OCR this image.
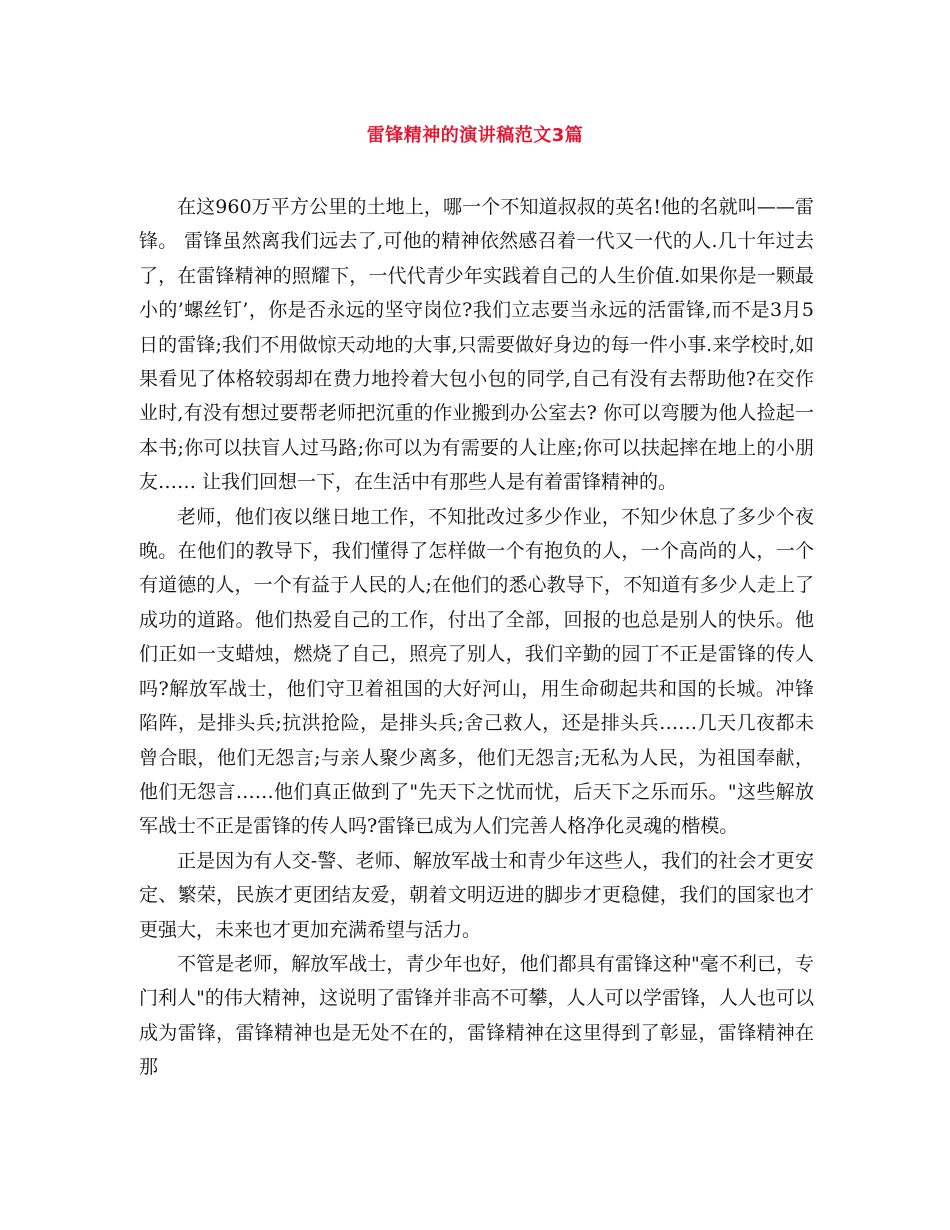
雷锋精神的演讲稿范文3篇

在这960万平方公里的土地上，哪一个不知道叔叔的英名!他的名就叫——雷锋。 雷锋虽然离我们远去了,可他的精神依然感召着一代又一代的人.几十年过去了，在雷锋精神的照耀下，一代代青少年实践着自己的人生价值.如果你是一颗最小的’螺丝钉’，你是否永远的坚守岗位?我们立志要当永远的活雷锋,而不是3月5日的雷锋;我们不用做惊天动地的大事,只需要做好身边的每一件小事.来学校时,如果看见了体格较弱却在费力地拎着大包小包的同学,自己有没有去帮助他?在交作业时,有没有想过要帮老师把沉重的作业搬到办公室去? 你可以弯腰为他人捡起一本书;你可以扶盲人过马路;你可以为有需要的人让座;你可以扶起摔在地上的小朋友…… 让我们回想一下，在生活中有那些人是有着雷锋精神的。

老师，他们夜以继日地工作，不知批改过多少作业，不知少休息了多少个夜晚。在他们的教导下，我们懂得了怎样做一个有抱负的人，一个高尚的人，一个有道德的人，一个有益于人民的人;在他们的悉心教导下，不知道有多少人走上了成功的道路。他们热爱自己的工作，付出了全部，回报的也总是别人的快乐。他们正如一支蜡烛，燃烧了自己，照亮了别人，我们辛勤的园丁不正是雷锋的传人吗?解放军战士，他们守卫着祖国的大好河山，用生命砌起共和国的长城。冲锋陷阵，是排头兵;抗洪抢险，是排头兵;舍己救人，还是排头兵……几天几夜都未曾合眼，他们无怨言;与亲人聚少离多，他们无怨言;无私为人民，为祖国奉献，他们无怨言……他们真正做到了"先天下之忧而忧，后天下之乐而乐。"这些解放军战士不正是雷锋的传人吗?雷锋已成为人们完善人格净化灵魂的楷模。

正是因为有人交-警、老师、解放军战士和青少年这些人，我们的社会才更安定、繁荣，民族才更团结友爱，朝着文明迈进的脚步才更稳健，我们的国家也才更强大，未来也才更加充满希望与活力。

不管是老师，解放军战士，青少年也好，他们都具有雷锋这种"毫不利已，专门利人"的伟大精神，这说明了雷锋并非高不可攀，人人可以学雷锋，人人也可以成为雷锋，雷锋精神也是无处不在的，雷锋精神在这里得到了彰显，雷锋精神在那
